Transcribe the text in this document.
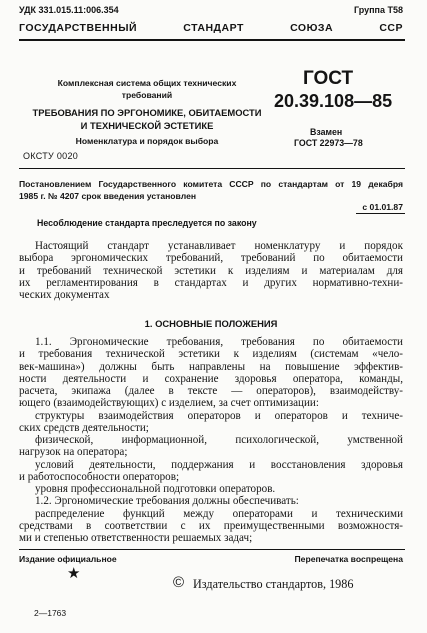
УДК 331.015.11:006.354	Группа Т58
ГОСУДАРСТВЕННЫЙ СТАНДАРТ СОЮЗА ССР
Комплексная система общих технических
требований
ТРЕБОВАНИЯ ПО ЭРГОНОМИКЕ, ОБИТАЕМОСТИ
И ТЕХНИЧЕСКОЙ ЭСТЕТИКЕ
Номенклатура и порядок выбора
ОКСТУ 0020
ГОСТ
20.39.108—85
Взамен
ГОСТ 22973—78
Постановлением Государственного комитета СССР по стандартам от 19 декабря
1985 г. № 4207 срок введения установлен
с 01.01.87
Несоблюдение стандарта преследуется по закону
Настоящий стандарт устанавливает номенклатуру и порядок
выбора эргономических требований, требований по обитаемости
и требований технической эстетики к изделиям и материалам для
их регламентирования в стандартах и других нормативно-техни-
ческих документах
1. ОСНОВНЫЕ ПОЛОЖЕНИЯ
1.1. Эргономические требования, требования по обитаемости
и требования технической эстетики к изделиям (системам «чело-
век-машина») должны быть направлены на повышение эффектив-
ности деятельности и сохранение здоровья оператора, команды,
расчета, экипажа (далее в тексте — операторов), взаимодейству-
ющего (взаимодействующих) с изделием, за счет оптимизации:
структуры взаимодействия операторов и операторов и техниче-
ских средств деятельности;
физической, информационной, психологической, умственной
нагрузок на оператора;
условий деятельности, поддержания и восстановления здоровья
и работоспособности операторов;
уровня профессиональной подготовки операторов.
1.2. Эргономические требования должны обеспечивать:
распределение функций между операторами и техническими
средствами в соответствии с их преимущественными возможностя-
ми и степенью ответственности решаемых задач;
Издание официальное	Перепечатка воспрещена
★	© Издательство стандартов, 1986
2—1763
